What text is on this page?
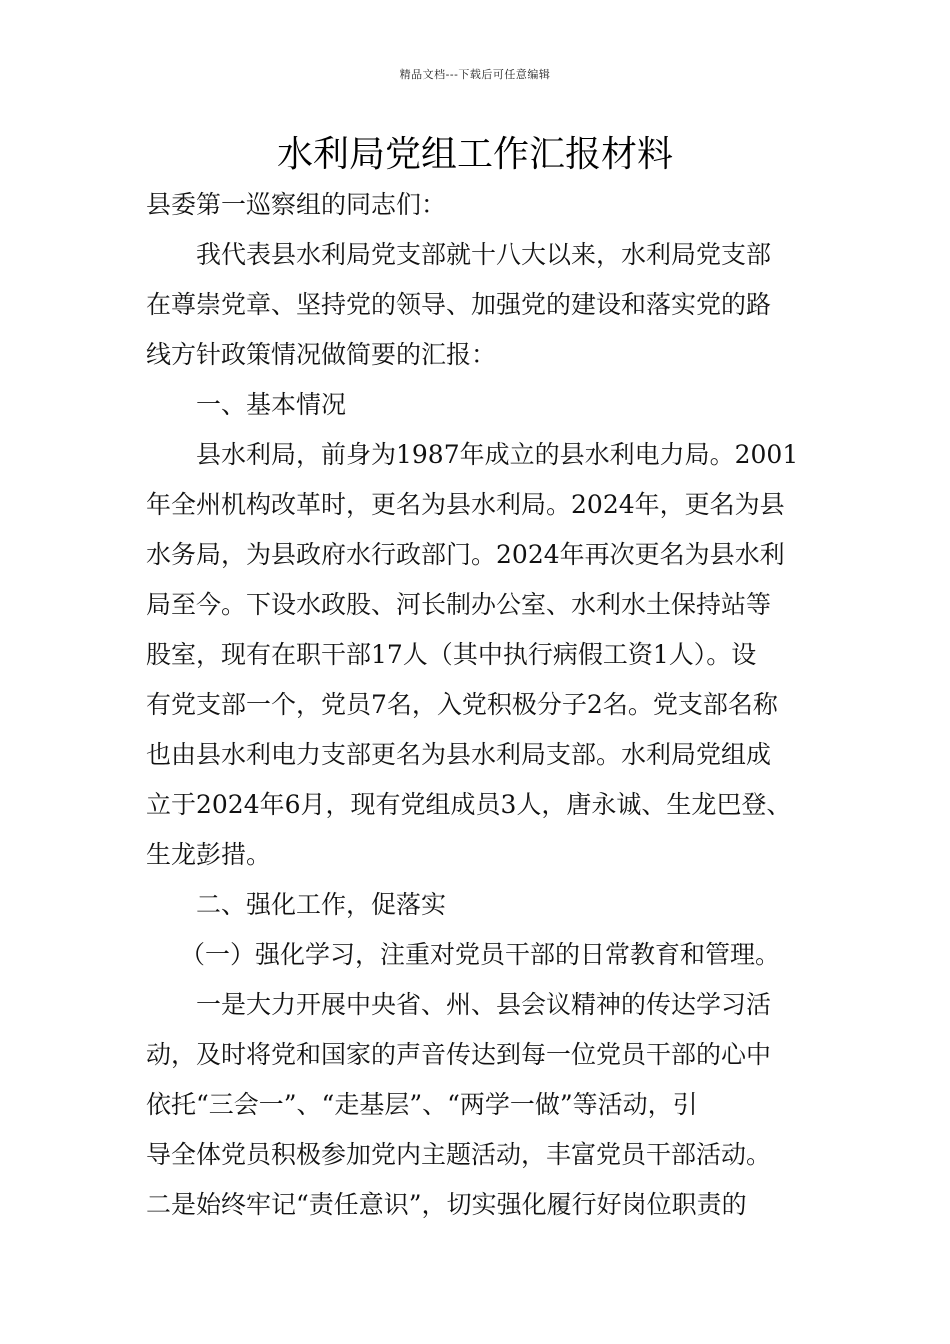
精品文档---下载后可任意编辑
水利局党组工作汇报材料
县委第一巡察组的同志们：
我代表县水利局党支部就十八大以来，水利局党支部
在尊崇党章、坚持党的领导、加强党的建设和落实党的路
线方针政策情况做简要的汇报：
一、基本情况
县水利局，前身为1987年成立的县水利电力局。2001
年全州机构改革时，更名为县水利局。2024年，更名为县
水务局，为县政府水行政部门。2024年再次更名为县水利
局至今。下设水政股、河长制办公室、水利水土保持站等
股室，现有在职干部17人（其中执行病假工资1人）。设
有党支部一个，党员7名，入党积极分子2名。党支部名称
也由县水利电力支部更名为县水利局支部。水利局党组成
立于2024年6月，现有党组成员3人，唐永诚、生龙巴登、
生龙彭措。
二、强化工作，促落实
（一）强化学习，注重对党员干部的日常教育和管理。
一是大力开展中央省、州、县会议精神的传达学习活
动，及时将党和国家的声音传达到每一位党员干部的心中
依托“三会一”、“走基层”、“两学一做”等活动，引
导全体党员积极参加党内主题活动，丰富党员干部活动。
二是始终牢记“责任意识”，切实强化履行好岗位职责的
